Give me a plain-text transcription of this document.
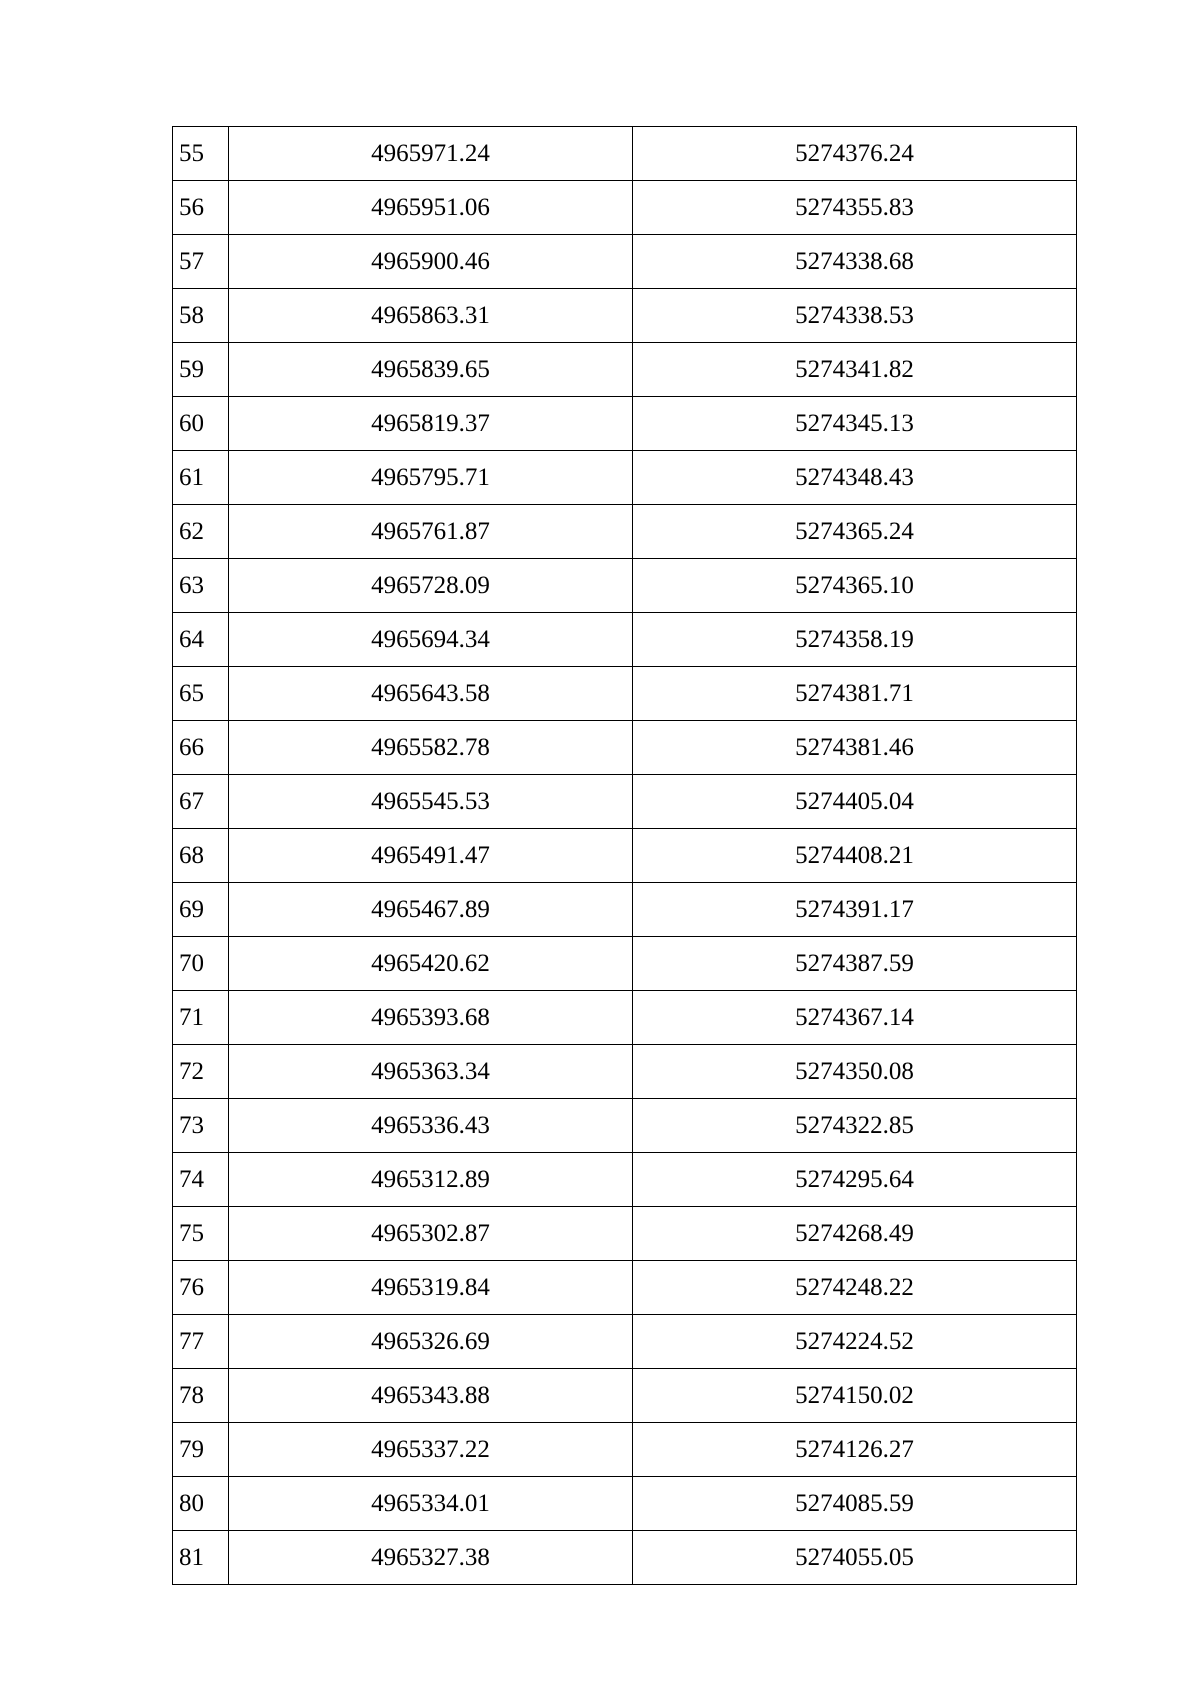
55	4965971.24	5274376.24
56	4965951.06	5274355.83
57	4965900.46	5274338.68
58	4965863.31	5274338.53
59	4965839.65	5274341.82
60	4965819.37	5274345.13
61	4965795.71	5274348.43
62	4965761.87	5274365.24
63	4965728.09	5274365.10
64	4965694.34	5274358.19
65	4965643.58	5274381.71
66	4965582.78	5274381.46
67	4965545.53	5274405.04
68	4965491.47	5274408.21
69	4965467.89	5274391.17
70	4965420.62	5274387.59
71	4965393.68	5274367.14
72	4965363.34	5274350.08
73	4965336.43	5274322.85
74	4965312.89	5274295.64
75	4965302.87	5274268.49
76	4965319.84	5274248.22
77	4965326.69	5274224.52
78	4965343.88	5274150.02
79	4965337.22	5274126.27
80	4965334.01	5274085.59
81	4965327.38	5274055.05
